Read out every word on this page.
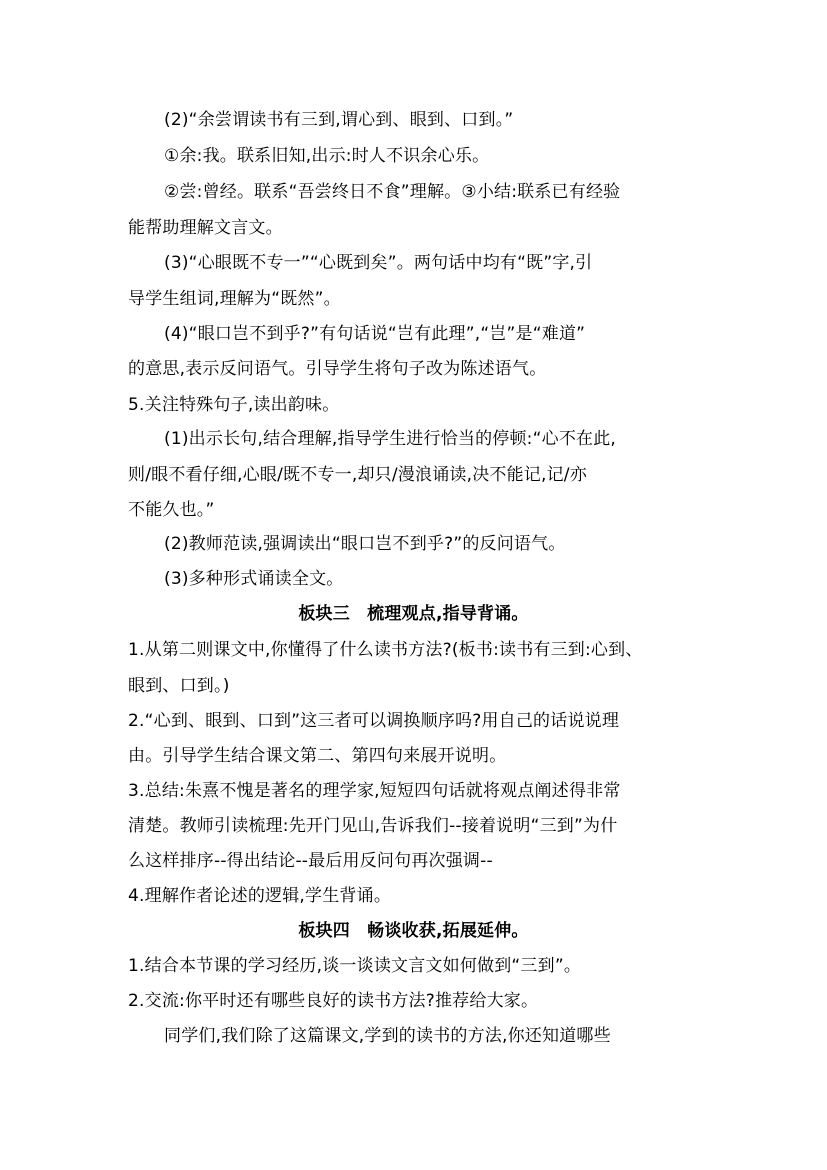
(2)“余尝谓读书有三到,谓心到、眼到、口到。”
①余:我。联系旧知,出示:时人不识余心乐。
②尝:曾经。联系“吾尝终日不食”理解。③小结:联系已有经验
能帮助理解文言文。
(3)“心眼既不专一”“心既到矣”。两句话中均有“既”字,引
导学生组词,理解为“既然”。
(4)“眼口岂不到乎?”有句话说“岂有此理”,“岂”是“难道”
的意思,表示反问语气。引导学生将句子改为陈述语气。
5.关注特殊句子,读出韵味。
(1)出示长句,结合理解,指导学生进行恰当的停顿:“心不在此,
则/眼不看仔细,心眼/既不专一,却只/漫浪诵读,决不能记,记/亦
不能久也。”
(2)教师范读,强调读出“眼口岂不到乎?”的反问语气。
(3)多种形式诵读全文。
板块三　梳理观点,指导背诵。
1.从第二则课文中,你懂得了什么读书方法?(板书:读书有三到:心到、
眼到、口到。)
2.“心到、眼到、口到”这三者可以调换顺序吗?用自己的话说说理
由。引导学生结合课文第二、第四句来展开说明。
3.总结:朱熹不愧是著名的理学家,短短四句话就将观点阐述得非常
清楚。教师引读梳理:先开门见山,告诉我们--接着说明“三到”为什
么这样排序--得出结论--最后用反问句再次强调--
4.理解作者论述的逻辑,学生背诵。
板块四　畅谈收获,拓展延伸。
1.结合本节课的学习经历,谈一谈读文言文如何做到“三到”。
2.交流:你平时还有哪些良好的读书方法?推荐给大家。
同学们,我们除了这篇课文,学到的读书的方法,你还知道哪些
